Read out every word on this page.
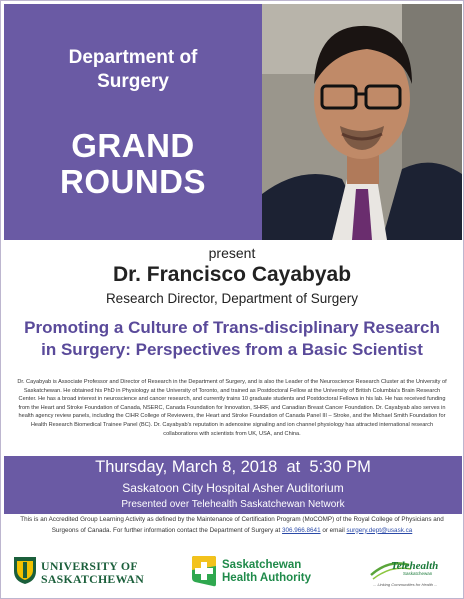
Department of Surgery
GRAND ROUNDS
present
Dr. Francisco Cayabyab
Research Director, Department of Surgery
Promoting a Culture of Trans-disciplinary Research in Surgery: Perspectives from a Basic Scientist
Dr. Cayabyab is Associate Professor and Director of Research in the Department of Surgery, and is also the Leader of the Neuroscience Research Cluster at the University of Saskatchewan. He obtained his PhD in Physiology at the University of Toronto, and trained as Postdoctoral Fellow at the University of British Columbia's Brain Research Center. He has a broad interest in neuroscience and cancer research, and currently trains 10 graduate students and Postdoctoral Fellows in his lab. He has received funding from the Heart and Stroke Foundation of Canada, NSERC, Canada Foundation for Innovation, SHRF, and Canadian Breast Cancer Foundation. Dr. Cayabyab also serves in health agency review panels, including the CIHR College of Reviewers, the Heart and Stroke Foundation of Canada Panel III – Stroke, and the Michael Smith Foundation for Health Research Biomedical Trainee Panel (BC). Dr. Cayabyab's reputation in adenosine signaling and ion channel physiology has attracted international research collaborations with scientists from UK, USA, and China.
Thursday, March 8, 2018  at  5:30 PM
Saskatoon City Hospital Asher Auditorium
Presented over Telehealth Saskatchewan Network
This is an Accredited Group Learning Activity as defined by the Maintenance of Certification Program (MoCOMP) of the Royal College of Physicians and Surgeons of Canada. For further information contact the Department of Surgery at 306.966.8641 or email surgery.dept@usask.ca
UNIVERSITY OF
SASKATCHEWAN
Saskatchewan
Health Authority
Telehealth
Saskatchewan
... Linking Communities for Health ...
